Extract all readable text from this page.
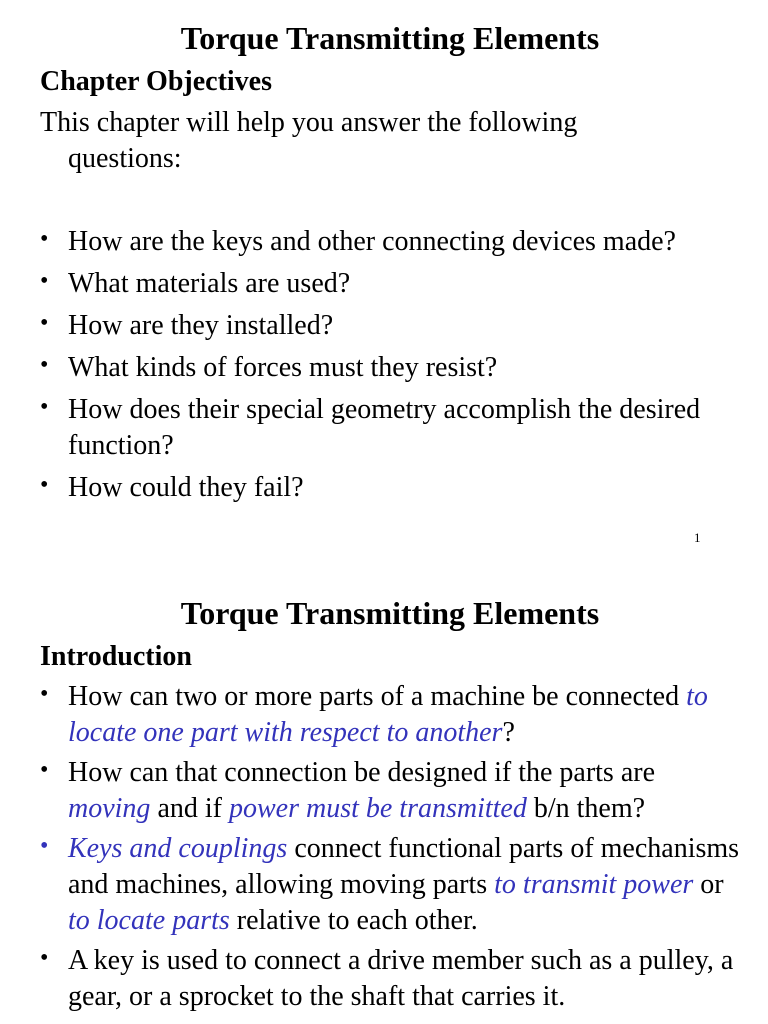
Torque Transmitting Elements
Chapter Objectives
This chapter will help you answer the following
questions:
• How are the keys and other connecting devices made?
• What materials are used?
• How are they installed?
• What kinds of forces must they resist?
• How does their special geometry accomplish the desired function?
• How could they fail?
1
Torque Transmitting Elements
Introduction
• How can two or more parts of a machine be connected to locate one part with respect to another?
• How can that connection be designed if the parts are moving and if power must be transmitted b/n them?
• Keys and couplings connect functional parts of mechanisms and machines, allowing moving parts to transmit power or to locate parts relative to each other.
• A key is used to connect a drive member such as a pulley, a gear, or a sprocket to the shaft that carries it.
